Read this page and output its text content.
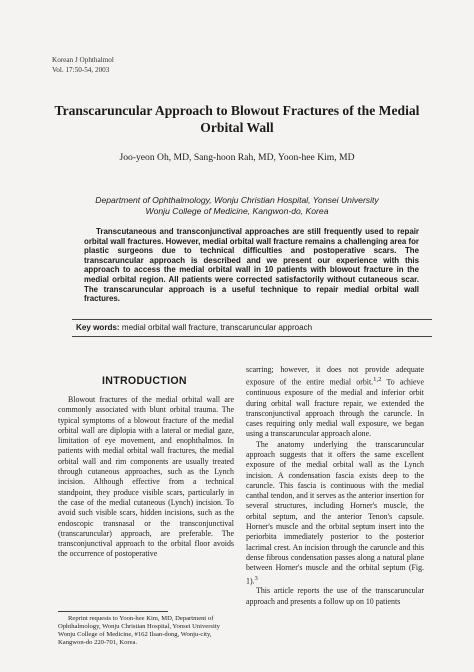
Korean J Ophthalmol
Vol. 17:50-54, 2003
Transcaruncular Approach to Blowout Fractures of the Medial Orbital Wall
Joo-yeon Oh, MD, Sang-hoon Rah, MD, Yoon-hee Kim, MD
Department of Ophthalmology, Wonju Christian Hospital, Yonsei University
Wonju College of Medicine, Kangwon-do, Korea

Transcutaneous and transconjunctival approaches are still frequently used to repair orbital wall fractures. However, medial orbital wall fracture remains a challenging area for plastic surgeons due to technical difficulties and postoperative scars. The transcaruncular approach is described and we present our experience with this approach to access the medial orbital wall in 10 patients with blowout fracture in the medial orbital region. All patients were corrected satisfactorily without cutaneous scar. The transcaruncular approach is a useful technique to repair medial orbital wall fractures.

Key words: medial orbital wall fracture, transcaruncular approach
INTRODUCTION

Blowout fractures of the medial orbital wall are commonly associated with blunt orbital trauma. The typical symptoms of a blowout fracture of the medial orbital wall are diplopia with a lateral or medial gaze, limitation of eye movement, and enophthalmos. In patients with medial orbital wall fractures, the medial orbital wall and rim components are usually treated through cutaneous approaches, such as the Lynch incision. Although effective from a technical standpoint, they produce visible scars, particularly in the case of the medial cutaneous (Lynch) incision. To avoid such visible scars, hidden incisions, such as the endoscopic transnasal or the transconjunctival (transcaruncular) approach, are preferable. The transconjunctival approach to the orbital floor avoids the occurrence of postoperative

scarring; however, it does not provide adequate exposure of the entire medial orbit.$^{1,2}$ To achieve continuous exposure of the medial and inferior orbit during orbital wall fracture repair, we extended the transconjunctival approach through the caruncle. In cases requiring only medial wall exposure, we began using a transcaruncular approach alone.

The anatomy underlying the transcaruncular approach suggests that it offers the same excellent exposure of the medial orbital wall as the Lynch incision. A condensation fascia exists deep to the caruncle. This fascia is continuous with the medial canthal tendon, and it serves as the anterior insertion for several structures, including Horner's muscle, the orbital septum, and the anterior Tenon's capsule. Horner's muscle and the orbital septum insert into the periorbita immediately posterior to the posterior lacrimal crest. An incision through the caruncle and this dense fibrous condensation passes along a natural plane between Horner's muscle and the orbital septum (Fig. 1).$^3$

This article reports the use of the transcaruncular approach and presents a follow up on 10 patients

Reprint requests to Yoon-hee Kim, MD, Department of Ophthalmology, Wonju Christian Hospital, Yonsei University Wonju College of Medicine, #162 Ilsan-dong, Wonju-city, Kangwon-do 220-701, Korea.
